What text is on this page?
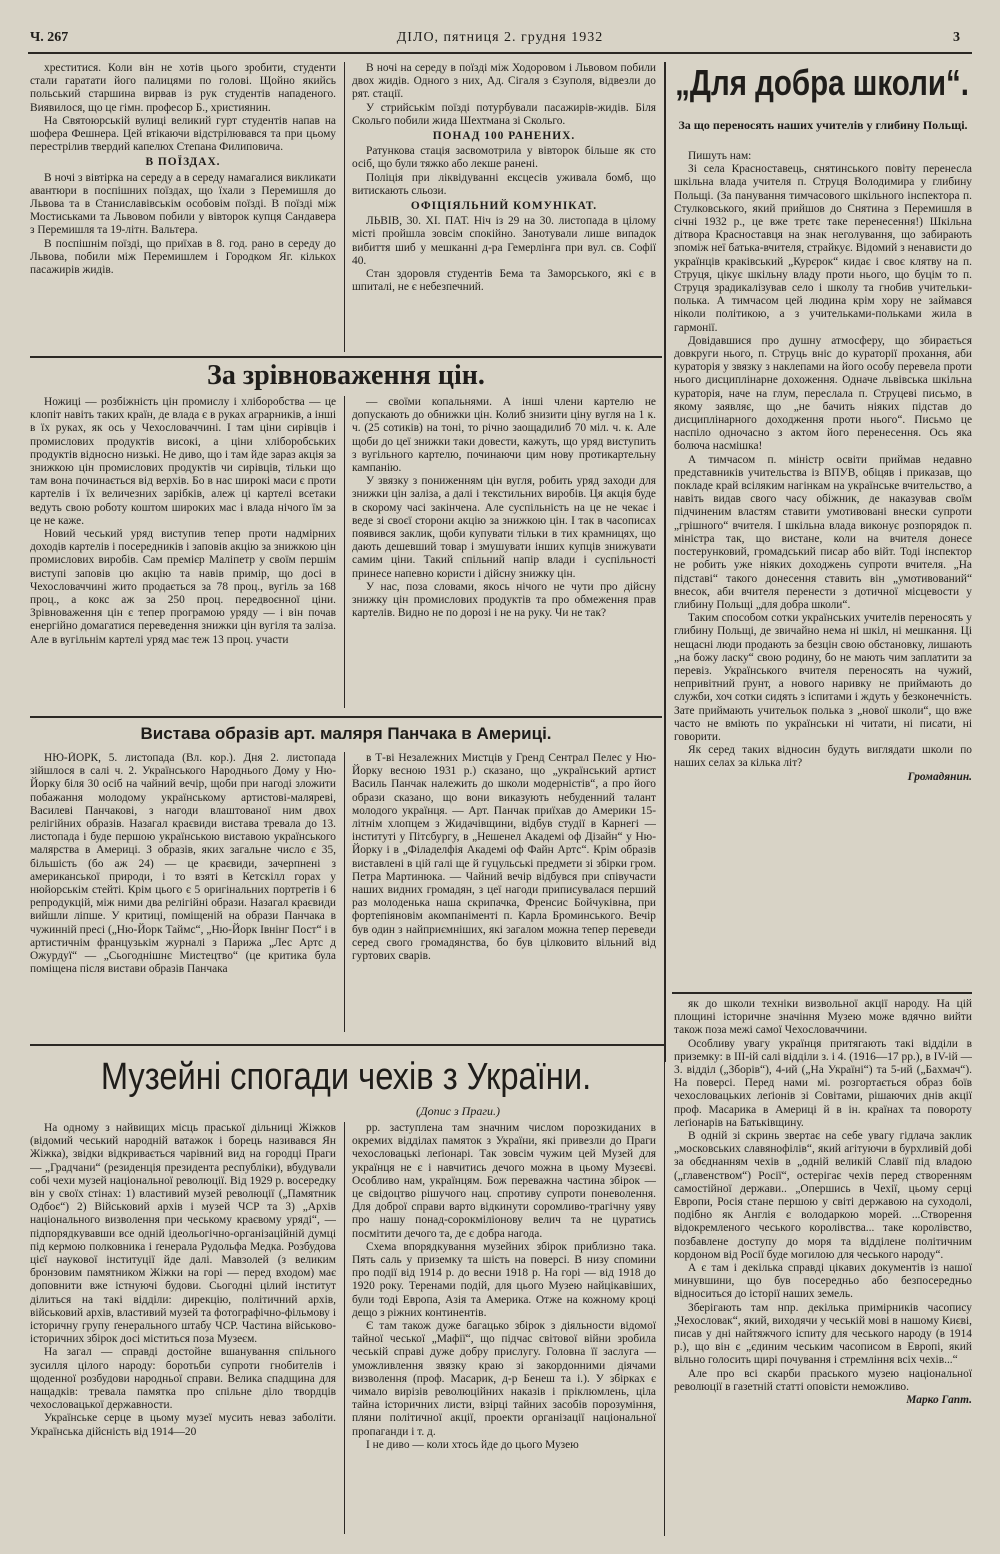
Ч. 267	ДІЛО, пятниця 2. грудня 1932	3

хреститися. Коли він не хотів цього зробити, студенти стали гаратати його палицями по голові. Щойно якийсь польський старшина вирвав із рук студентів нападеного. Виявилося, що це гімн. професор Б., християнин.

На Святоюрській вулиці великий гурт студентів напав на шофера Фешнера. Цей втікаючи відстрілювався та при цьому перестрілив твердий капелюх Степана Филиповича.

В ПОЇЗДАХ.

В ночі з вівтірка на середу а в середу намагалися викликати авантюри в поспішних поїздах, що їхали з Перемишля до Львова та в Станиславівськім особовім поїзді. В поїзді між Мостиськами та Львовом побили у вівторок купця Сандавера з Перемишля та 19-літн. Вальтера.

В поспішнім поїзді, що приїхав в 8. год. рано в середу до Львова, побили між Перемишлем і Городком Яг. кількох пасажирів жидів.

В ночі на середу в поїзді між Ходоровом і Львовом побили двох жидів. Одного з них, Ад. Сігаля з Єзуполя, відвезли до рят. стації.

У стрийськім поїзді потурбували пасажирів-жидів. Біля Скольго побили жида Шехтмана зі Скольго.

ПОНАД 100 РАНЕНИХ.

Ратункова стація засвомотрила у вівторок більше як сто осіб, що були тяжко або лекше ранені.

Поліція при ліквідуванні ексцесів уживала бомб, що витискають сльози.

ОФІЦІЯЛЬНИЙ КОМУНІКАТ.

ЛЬВІВ, 30. XI. ПАТ. Ніч із 29 на 30. листопада в цілому місті пройшла зовсім спокійно. Занотували лише випадок вибиття шиб у мешканні д-ра Гемерлінга при вул. св. Софії 40.

Стан здоровля студентів Бема та Заморського, які є в шпиталі, не є небезпечний.

За зрівноваження цін.

Ножиці — розбіжність цін промислу і хліборобства — це клопіт навіть таких країн, де влада є в руках аграрників, а інші в їх руках, як ось у Чехословаччині. І там ціни сирівців і промислових продуктів високі, а ціни хліборобських продуктів відносно низькі. Не диво, що і там йде зараз акція за знижкою цін промислових продуктів чи сирівців, тільки що там вона починається від верхів. Бо в нас широкі маси є проти картелів і їх величезних зарібків, алеж ці картелі всетаки ведуть свою роботу коштом широких мас і влада нічого їм за це не каже.

Новий чеський уряд виступив тепер проти надмірних доходів картелів і посередників і заповів акцію за знижкою цін промислових виробів. Сам премієр Маліпетр у своїм першім виступі заповів цю акцію та навів примір, що досі в Чехословаччині жито продається за 78 проц., вугіль за 168 проц., а кокс аж за 250 проц. передвоєнної ціни. Зрівноваження цін є тепер програмою уряду — і він почав енергійно домагатися переведення знижки цін вугіля та заліза. Але в вугільнім картелі уряд має теж 13 проц. участи

— своїми копальнями. А інші члени картелю не допускають до обнижки цін. Колиб знизити ціну вугля на 1 к. ч. (25 сотиків) на тоні, то річно заощадилиб 70 міл. ч. к. Але щоби до цеї знижки таки довести, кажуть, що уряд виступить з вугільного картелю, починаючи цим нову протикартельну кампанію.

У звязку з пониженням цін вугля, робить уряд заходи для знижки цін заліза, а далі і текстильних виробів. Ця акція буде в скорому часі закінчена. Але суспільність на це не чекає і веде зі своєї сторони акцію за знижкою цін. І так в часописах появився заклик, щоби купувати тільки в тих крамницях, що дають дешевший товар і змушувати інших купців знижувати самим ціни. Такий спільний напір влади і суспільності принесе напевно користи і дійсну знижку цін.

У нас, поза словами, якось нічого не чути про дійсну знижку цін промислових продуктів та про обмеження прав картелів. Видно не по дорозі і не на руку. Чи не так?

Вистава образів арт. маляря Панчака в Америці.

НЮ-ЙОРК, 5. листопада (Вл. кор.). Дня 2. листопада зійшлося в салі ч. 2. Українського Народнього Дому у Ню-Йорку біля 30 осіб на чайний вечір, щоби при нагоді зложити побажання молодому українському артистові-маляреві, Василеві Панчакові, з нагоди влаштованої ним двох релігійних образів. Назагал краєвиди вистава тревала до 13. листопада і буде першою українською виставою українського малярства в Америці. З образів, яких загальне число є 35, більшість (бо аж 24) — це краєвиди, зачерпнені з американської природи, і то взяті в Кетскілл горах у нюйорськім стейті. Крім цього є 5 оригінальних портретів і 6 репродукцій, між ними два релігійні образи. Назагал краєвиди вийшли ліпше. У критиці, поміщеній на образи Панчака в чужинній пресі („Ню-Йорк Таймс“, „Ню-Йорк Івнінг Пост“ і в артистичнім французькім журналі з Парижа „Лес Артс д Ожурдуї“ — „Сьогоднішнє Мистецтво“ (це критика була поміщена після вистави образів Панчака

в Т-ві Незалежних Мистців у Гренд Сентрал Пелес у Ню-Йорку весною 1931 р.) сказано, що „український артист Василь Панчак належить до школи модерністів“, а про його образи сказано, що вони виказують небуденний талант молодого українця. — Арт. Панчак приїхав до Америки 15-літнім хлопцем з Жидачівщини, відбув студії в Карнегі — інституті у Пітсбургу, в „Нешенел Академі оф Дізайн“ у Ню-Йорку і в „Філаделфія Академі оф Файн Артс“. Крім образів виставлені в цій галі ще й гуцульські предмети зі збірки гром. Петра Мартинюка. — Чайний вечір відбувся при співучасти наших видних громадян, з цеї нагоди приписувалася перший раз молоденька наша скрипачка, Френсис Бойчуківна, при фортепіяновім акомпаніменті п. Карла Броминського. Вечір був один з найприємніших, які загалом можна тепер переведи серед свого громадянства, бо був цілковито вільний від гуртових сварів.

„Для добра школи“.
За що переносять наших учителів у глибину Польщі.

Пишуть нам:

Зі села Красноставець, снятинського повіту перенесла шкільна влада учителя п. Струця Володимира у глибину Польщі. (За панування тимчасового шкільного інспектора п. Стулковського, який прийшов до Снятина з Перемишля в січні 1932 р., це вже третє таке перенесення!) Шкільна дітвора Красноставця на знак неголування, що забирають зпоміж неї батька-вчителя, страйкує. Відомий з ненависти до українців краківський „Курєрок“ кидає і своє клятву на п. Струця, цікує шкільну владу проти нього, що буцім то п. Струця зрадикалізував село і школу та гнобив учительки-полька. А тимчасом цей людина крім хору не займався ніколи політикою, а з учительками-польками жила в гармонії.

Довідавшися про душну атмосферу, що збирається довкруги нього, п. Струць вніс до кураторії прохання, аби кураторія у звязку з наклепами на його особу перевела проти нього дисциплінарне дохоження. Одначе львівська шкільна кураторія, наче на глум, переслала п. Струцеві письмо, в якому заявляє, що „не бачить ніяких підстав до дисциплінарного доходження проти нього“. Письмо це наспіло одночасно з актом його перенесення. Ось яка болюча насмішка!

А тимчасом п. міністр освіти приймав недавно представників учительства із ВПУВ, обіцяв і приказав, що покладе край всіляким нагінкам на українське вчительство, а навіть видав свого часу обіжник, де наказував своїм підчиненим властям ставити умотивовані внески супроти „грішного“ вчителя. І шкільна влада виконує розпорядок п. міністра так, що вистане, коли на вчителя донесе постерунковий, громадський писар або війт. Тоді інспектор не робить уже ніяких доходжень супроти вчителя. „На підставі“ такого донесення ставить він „умотивований“ внесок, аби вчителя перенести з дотичної місцевости у глибину Польщі „для добра школи“.

Таким способом сотки українських учителів переносять у глибину Польщі, де звичайно нема ні шкіл, ні мешкання. Ці нещасні люди продають за безцін свою обстановку, лишають „на божу ласку“ свою родину, бо не мають чим заплатити за перевіз. Українського вчителя переносять на чужий, непривітний ґрунт, а нового наривку не приймають до служби, хоч сотки сидять з іспитами і ждуть у безконечність. Зате приймають учительок полька з „нової школи“, що вже часто не вміють по українськи ні читати, ні писати, ні говорити.

Як серед таких відносин будуть виглядати школи по наших селах за кілька літ?

Громадянин.

Музейні спогади чехів з України.
(Допис з Праги.)

На одному з найвищих місць праської дільниці Жіжков (відомий чеський народній ватажок і борець називався Ян Жіжка), звідки відкривається чарівний вид на городці Праги — „Градчани“ (резиденція президента республіки), вбудували собі чехи музей національної революції. Від 1929 р. восередку він у своїх стінах: 1) властивий музей революції („Памятник Одбоє“) 2) Військовий архів і музей ЧСР та 3) „Архів національного визволення при чеському краєвому уряді“, — підпорядкувавши все одній ідеольогічно-організаційній думці під кермою полковника і ґенерала Рудольфа Медка. Розбудова цієї наукової інституції йде далі. Мавзолей (з великим бронзовим памятником Жіжки на горі — перед входом) має доповнити вже істнуючі будови. Сьогодні цілий інститут ділиться на такі відділи: дирекцію, політичний архів, військовий архів, властивий музей та фотографічно-фільмову і історичну групу ґенерального штабу ЧСР. Частина військово-історичних збірок досі міститься поза Музеєм.

На загал — справді достойне вшанування спільного зусилля цілого народу: боротьби супроти гнобителів і щоденної розбудови народньої справи. Велика спадщина для нащадків: тревала памятка про спільне діло твордців чехословацької державности.

Українське серце в цьому музеї мусить неваз заболіти. Українська дійсність від 1914—20

рр. заступлена там значним числом порозкиданих в окремих відділах памяток з України, які привезли до Праги чехословацькі леґіонарі. Так зовсім чужим цей Музей для українця не є і навчитись дечого можна в цьому Музеєві. Особливо нам, українцям. Бож переважна частина збірок — це свідоцтво рішучого нац. спротиву супроти поневолення. Для доброї справи варто відкинути соромливо-трагічну уяву про нашу понад-сорокміліонову велич та не цуратись посмітити дечого та, де є добра нагода.

Схема впорядкування музейних збірок приблизно така. Пять саль у приземку та шість на поверсі. В низу спомини про події від 1914 р. до весни 1918 р. На горі — від 1918 до 1920 року. Теренами подій, для цього Музею найцікавіших, були тоді Европа, Азія та Америка. Отже на кожному кроці дещо з ріжних континентів.

Є там також дуже багацько збірок з діяльности відомої тайної чеської „Мафії“, що підчас світової війни зробила чеській справі дуже добру прислугу. Головна її заслуга — уможливлення звязку краю зі закордонними діячами визволення (проф. Масарик, д-р Бенеш та і.). У збірках є чимало вирізів революційних наказів і пріклюмлень, ціла тайна історичних листи, взірці тайних засобів порозуміння, пляни політичної акції, проекти організації національної пропаганди і т. д.

І не диво — коли хтось йде до цього Музею

як до школи техніки визвольної акції народу. На цій площині історичне значіння Музею може вдячно вийти також поза межі самої Чехословаччини.

Особливу увагу українця притягають такі відділи в приземку: в III-ій салі відділи з. і 4. (1916—17 рр.), в IV-ій — 3. відділ („Зборів“), 4-ий („На Україні“) та 5-ий („Бахмач“). На поверсі. Перед нами мі. розгортається образ боїв чехословацьких леґіонів зі Совітами, рішаючих днів акції проф. Масарика в Америці й в ін. країнах та повороту леґіонарів на Батьківщину.

В одній зі скринь звертає на себе увагу гідлача заклик „московських славянофілів“, який агітуючи в бурхливій добі за обєднанням чехів в „одній великій Славії під владою („главенством“) Росії“, остерігає чехів перед створенням самостійної держави.. „Опершись в Чехії, цьому серці Европи, Росія стане першою у світі державою на суходолі, подібно як Англія є володаркою морей. ...Створення відокремленого чеського королівства... таке королівство, позбавлене доступу до моря та відділене політичним кордоном від Росії буде могилою для чеського народу“.

А є там і декілька справді цікавих документів із нашої минувшини, що був посередньо або безпосередньо відноситься до історії наших земель.

Зберігають там нпр. декілька примірників часопису „Чехословак“, який, виходячи у чеській мові в нашому Києві, писав у дні найтяжчого іспиту для чеського народу (в 1914 р.), що він є „єдиним чеським часописом в Европі, який вільно голосить щирі почування і стремління всіх чехів...“

Але про всі скарби праського музею національної революції в газетній статті оповісти неможливо.

Марко Гапт.
